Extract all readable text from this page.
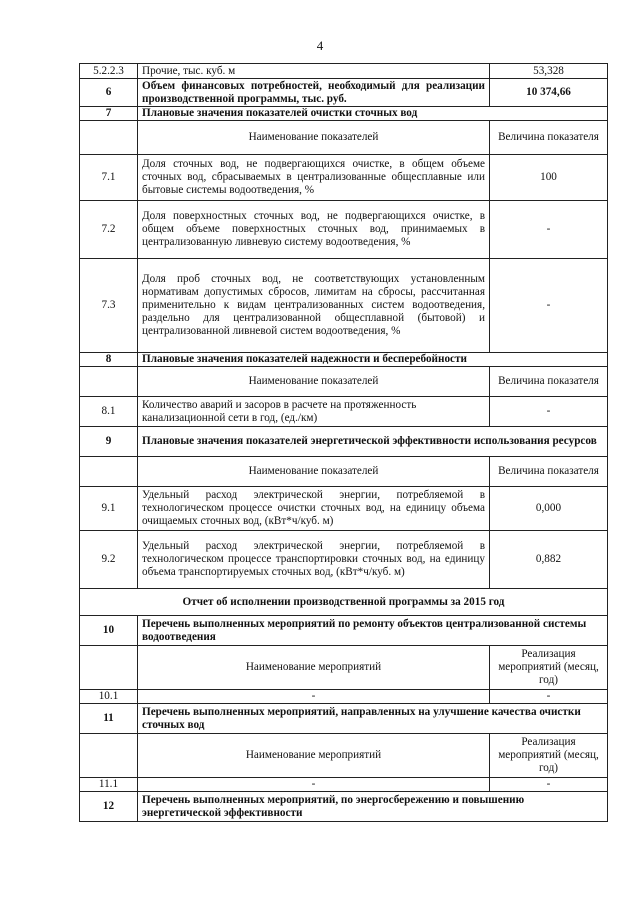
4
5.2.2.3	Прочие, тыс. куб. м	53,328
6	Объем финансовых потребностей, необходимый для реализации производственной программы, тыс. руб.	10 374,66
7	Плановые значения показателей очистки сточных вод	
	Наименование показателей	Величина показателя
7.1	Доля сточных вод, не подвергающихся очистке, в общем объеме сточных вод, сбрасываемых в централизованные общесплавные или бытовые системы водоотведения, %	100
7.2	Доля поверхностных сточных вод, не подвергающихся очистке, в общем объеме поверхностных сточных вод, принимаемых в централизованную ливневую систему водоотведения, %	-
7.3	Доля проб сточных вод, не соответствующих установленным нормативам допустимых сбросов, лимитам на сбросы, рассчитанная применительно к видам централизованных систем водоотведения, раздельно для централизованной общесплавной (бытовой) и централизованной ливневой систем водоотведения, %	-
8	Плановые значения показателей надежности и бесперебойности	
	Наименование показателей	Величина показателя
8.1	Количество аварий и засоров в расчете на протяженность канализационной сети в год, (ед./км)	-
9	Плановые значения показателей энергетической эффективности использования ресурсов	
	Наименование показателей	Величина показателя
9.1	Удельный расход электрической энергии, потребляемой в технологическом процессе очистки сточных вод, на единицу объема очищаемых сточных вод, (кВт*ч/куб. м)	0,000
9.2	Удельный расход электрической энергии, потребляемой в технологическом процессе транспортировки сточных вод, на единицу объема транспортируемых сточных вод, (кВт*ч/куб. м)	0,882
Отчет об исполнении производственной программы за 2015 год		
10	Перечень выполненных мероприятий по ремонту объектов централизованной системы водоотведения	
	Наименование мероприятий	Реализация мероприятий (месяц, год)
10.1	-	-
11	Перечень выполненных мероприятий, направленных на улучшение качества очистки сточных вод	
	Наименование мероприятий	Реализация мероприятий (месяц, год)
11.1	-	-
12	Перечень выполненных мероприятий, по энергосбережению и повышению энергетической эффективности	
